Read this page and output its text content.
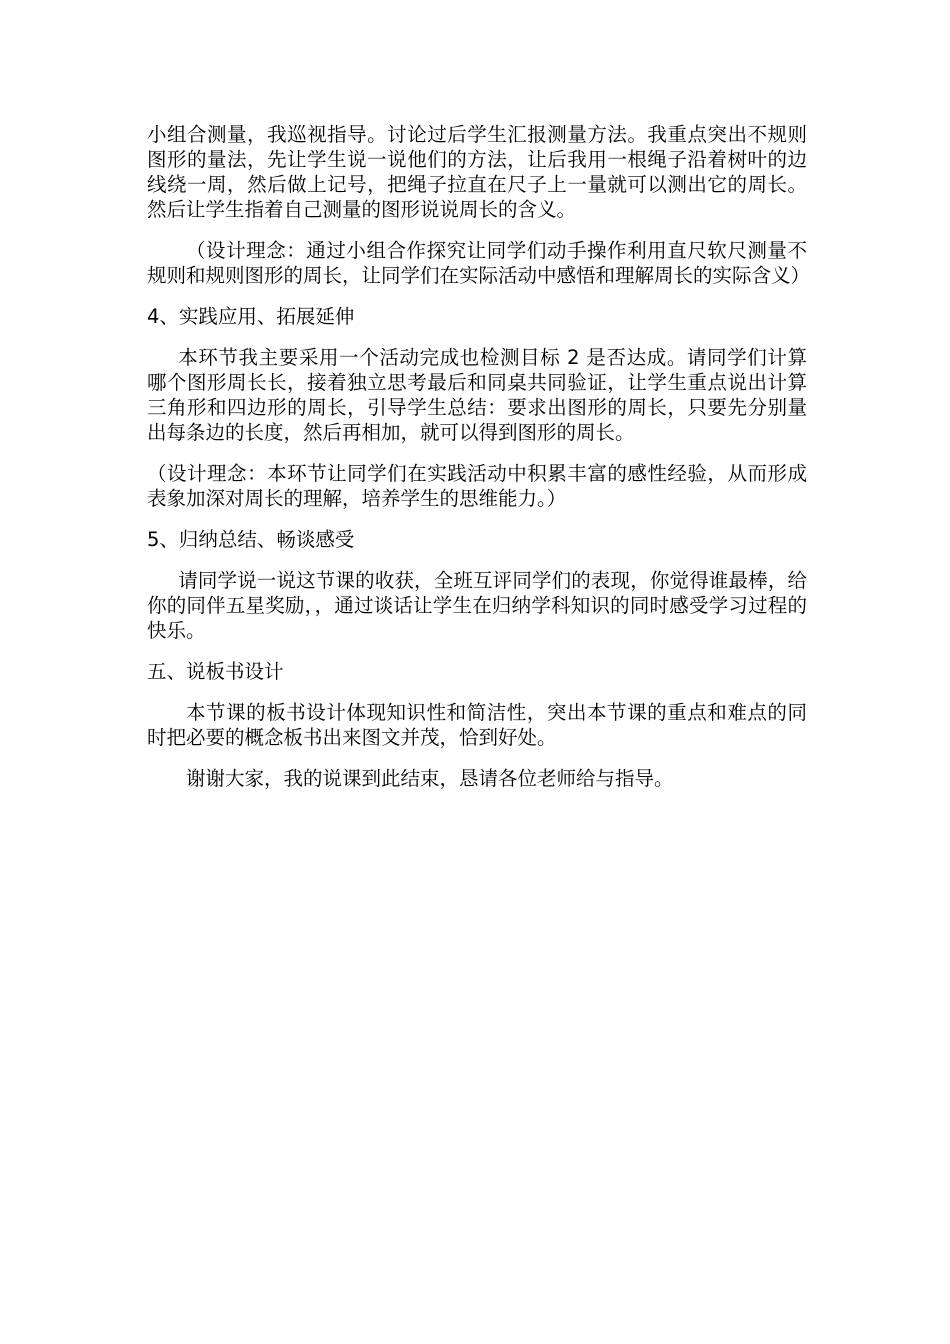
小组合测量，我巡视指导。讨论过后学生汇报测量方法。我重点突出不规则图形的量法，先让学生说一说他们的方法，让后我用一根绳子沿着树叶的边线绕一周，然后做上记号，把绳子拉直在尺子上一量就可以测出它的周长。然后让学生指着自己测量的图形说说周长的含义。

（设计理念：通过小组合作探究让同学们动手操作利用直尺软尺测量不规则和规则图形的周长，让同学们在实际活动中感悟和理解周长的实际含义）

4、实践应用、拓展延伸

本环节我主要采用一个活动完成也检测目标 2 是否达成。请同学们计算哪个图形周长长，接着独立思考最后和同桌共同验证，让学生重点说出计算三角形和四边形的周长，引导学生总结：要求出图形的周长，只要先分别量出每条边的长度，然后再相加，就可以得到图形的周长。

（设计理念：本环节让同学们在实践活动中积累丰富的感性经验，从而形成表象加深对周长的理解，培养学生的思维能力。）

5、归纳总结、畅谈感受

请同学说一说这节课的收获，全班互评同学们的表现，你觉得谁最棒，给你的同伴五星奖励，，通过谈话让学生在归纳学科知识的同时感受学习过程的快乐。

五、说板书设计

本节课的板书设计体现知识性和简洁性，突出本节课的重点和难点的同时把必要的概念板书出来图文并茂，恰到好处。

谢谢大家，我的说课到此结束，恳请各位老师给与指导。
